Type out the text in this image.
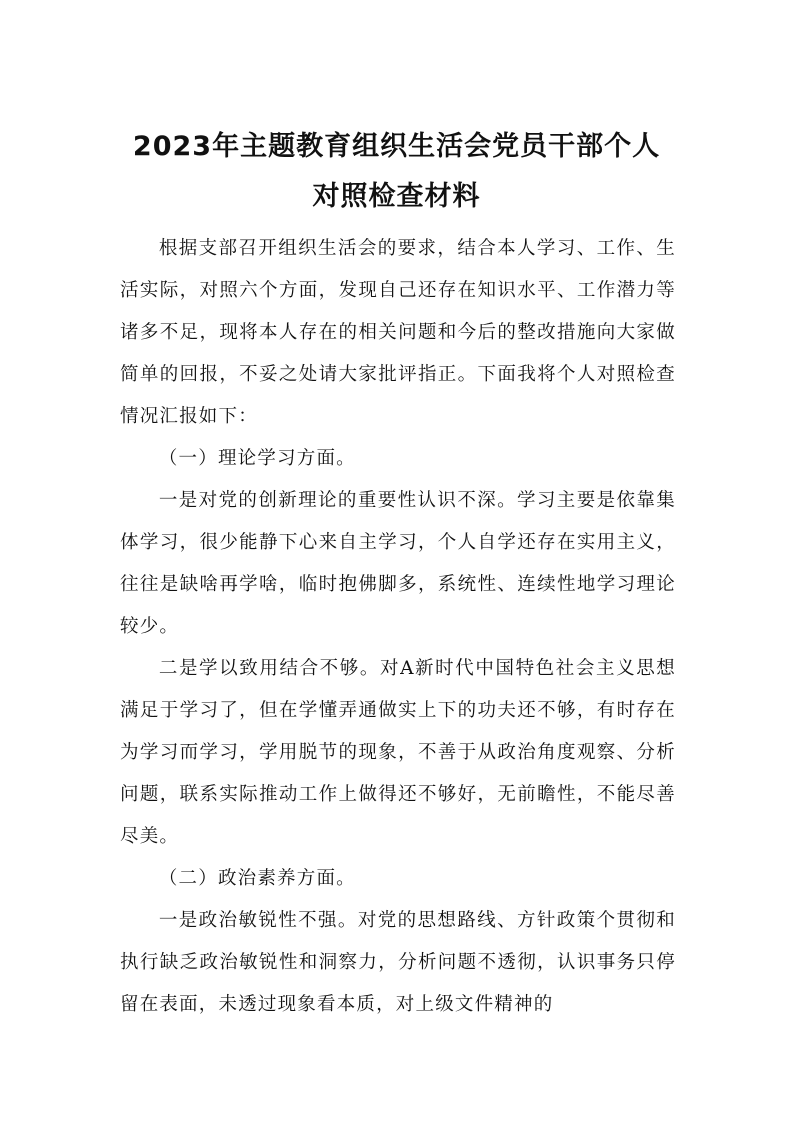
2023年主题教育组织生活会党员干部个人
对照检查材料

根据支部召开组织生活会的要求，结合本人学习、工作、生活实际，对照六个方面，发现自己还存在知识水平、工作潜力等诸多不足，现将本人存在的相关问题和今后的整改措施向大家做简单的回报，不妥之处请大家批评指正。下面我将个人对照检查情况汇报如下：

（一）理论学习方面。

一是对党的创新理论的重要性认识不深。学习主要是依靠集体学习，很少能静下心来自主学习，个人自学还存在实用主义，往往是缺啥再学啥，临时抱佛脚多，系统性、连续性地学习理论较少。

二是学以致用结合不够。对A新时代中国特色社会主义思想满足于学习了，但在学懂弄通做实上下的功夫还不够，有时存在为学习而学习，学用脱节的现象，不善于从政治角度观察、分析问题，联系实际推动工作上做得还不够好，无前瞻性，不能尽善尽美。

（二）政治素养方面。

一是政治敏锐性不强。对党的思想路线、方针政策个贯彻和执行缺乏政治敏锐性和洞察力，分析问题不透彻，认识事务只停留在表面，未透过现象看本质，对上级文件精神的
